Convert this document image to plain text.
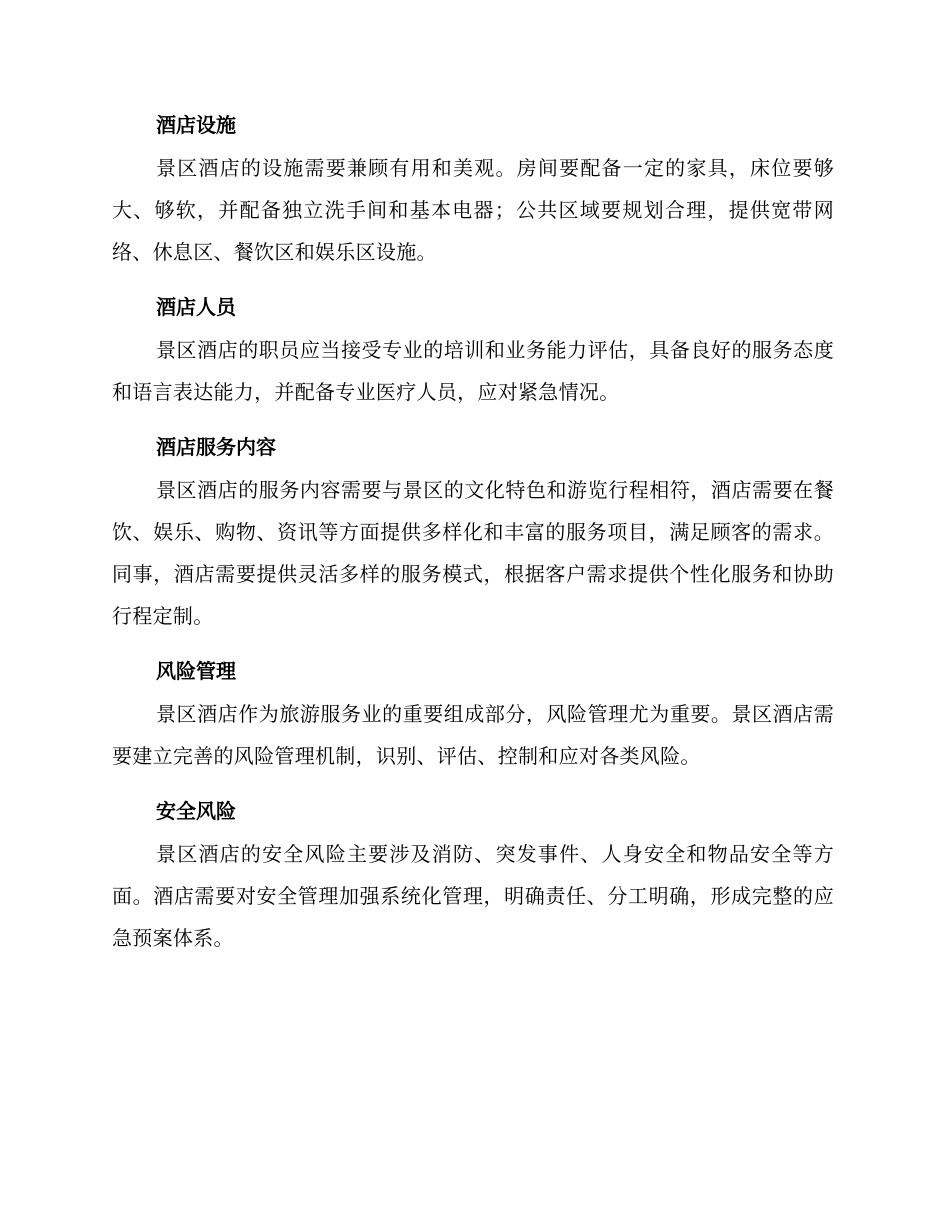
酒店设施

景区酒店的设施需要兼顾有用和美观。房间要配备一定的家具，床位要够大、够软，并配备独立洗手间和基本电器；公共区域要规划合理，提供宽带网络、休息区、餐饮区和娱乐区设施。

酒店人员

景区酒店的职员应当接受专业的培训和业务能力评估，具备良好的服务态度和语言表达能力，并配备专业医疗人员，应对紧急情况。

酒店服务内容

景区酒店的服务内容需要与景区的文化特色和游览行程相符，酒店需要在餐饮、娱乐、购物、资讯等方面提供多样化和丰富的服务项目，满足顾客的需求。同事，酒店需要提供灵活多样的服务模式，根据客户需求提供个性化服务和协助行程定制。

风险管理

景区酒店作为旅游服务业的重要组成部分，风险管理尤为重要。景区酒店需要建立完善的风险管理机制，识别、评估、控制和应对各类风险。

安全风险

景区酒店的安全风险主要涉及消防、突发事件、人身安全和物品安全等方面。酒店需要对安全管理加强系统化管理，明确责任、分工明确，形成完整的应急预案体系。
